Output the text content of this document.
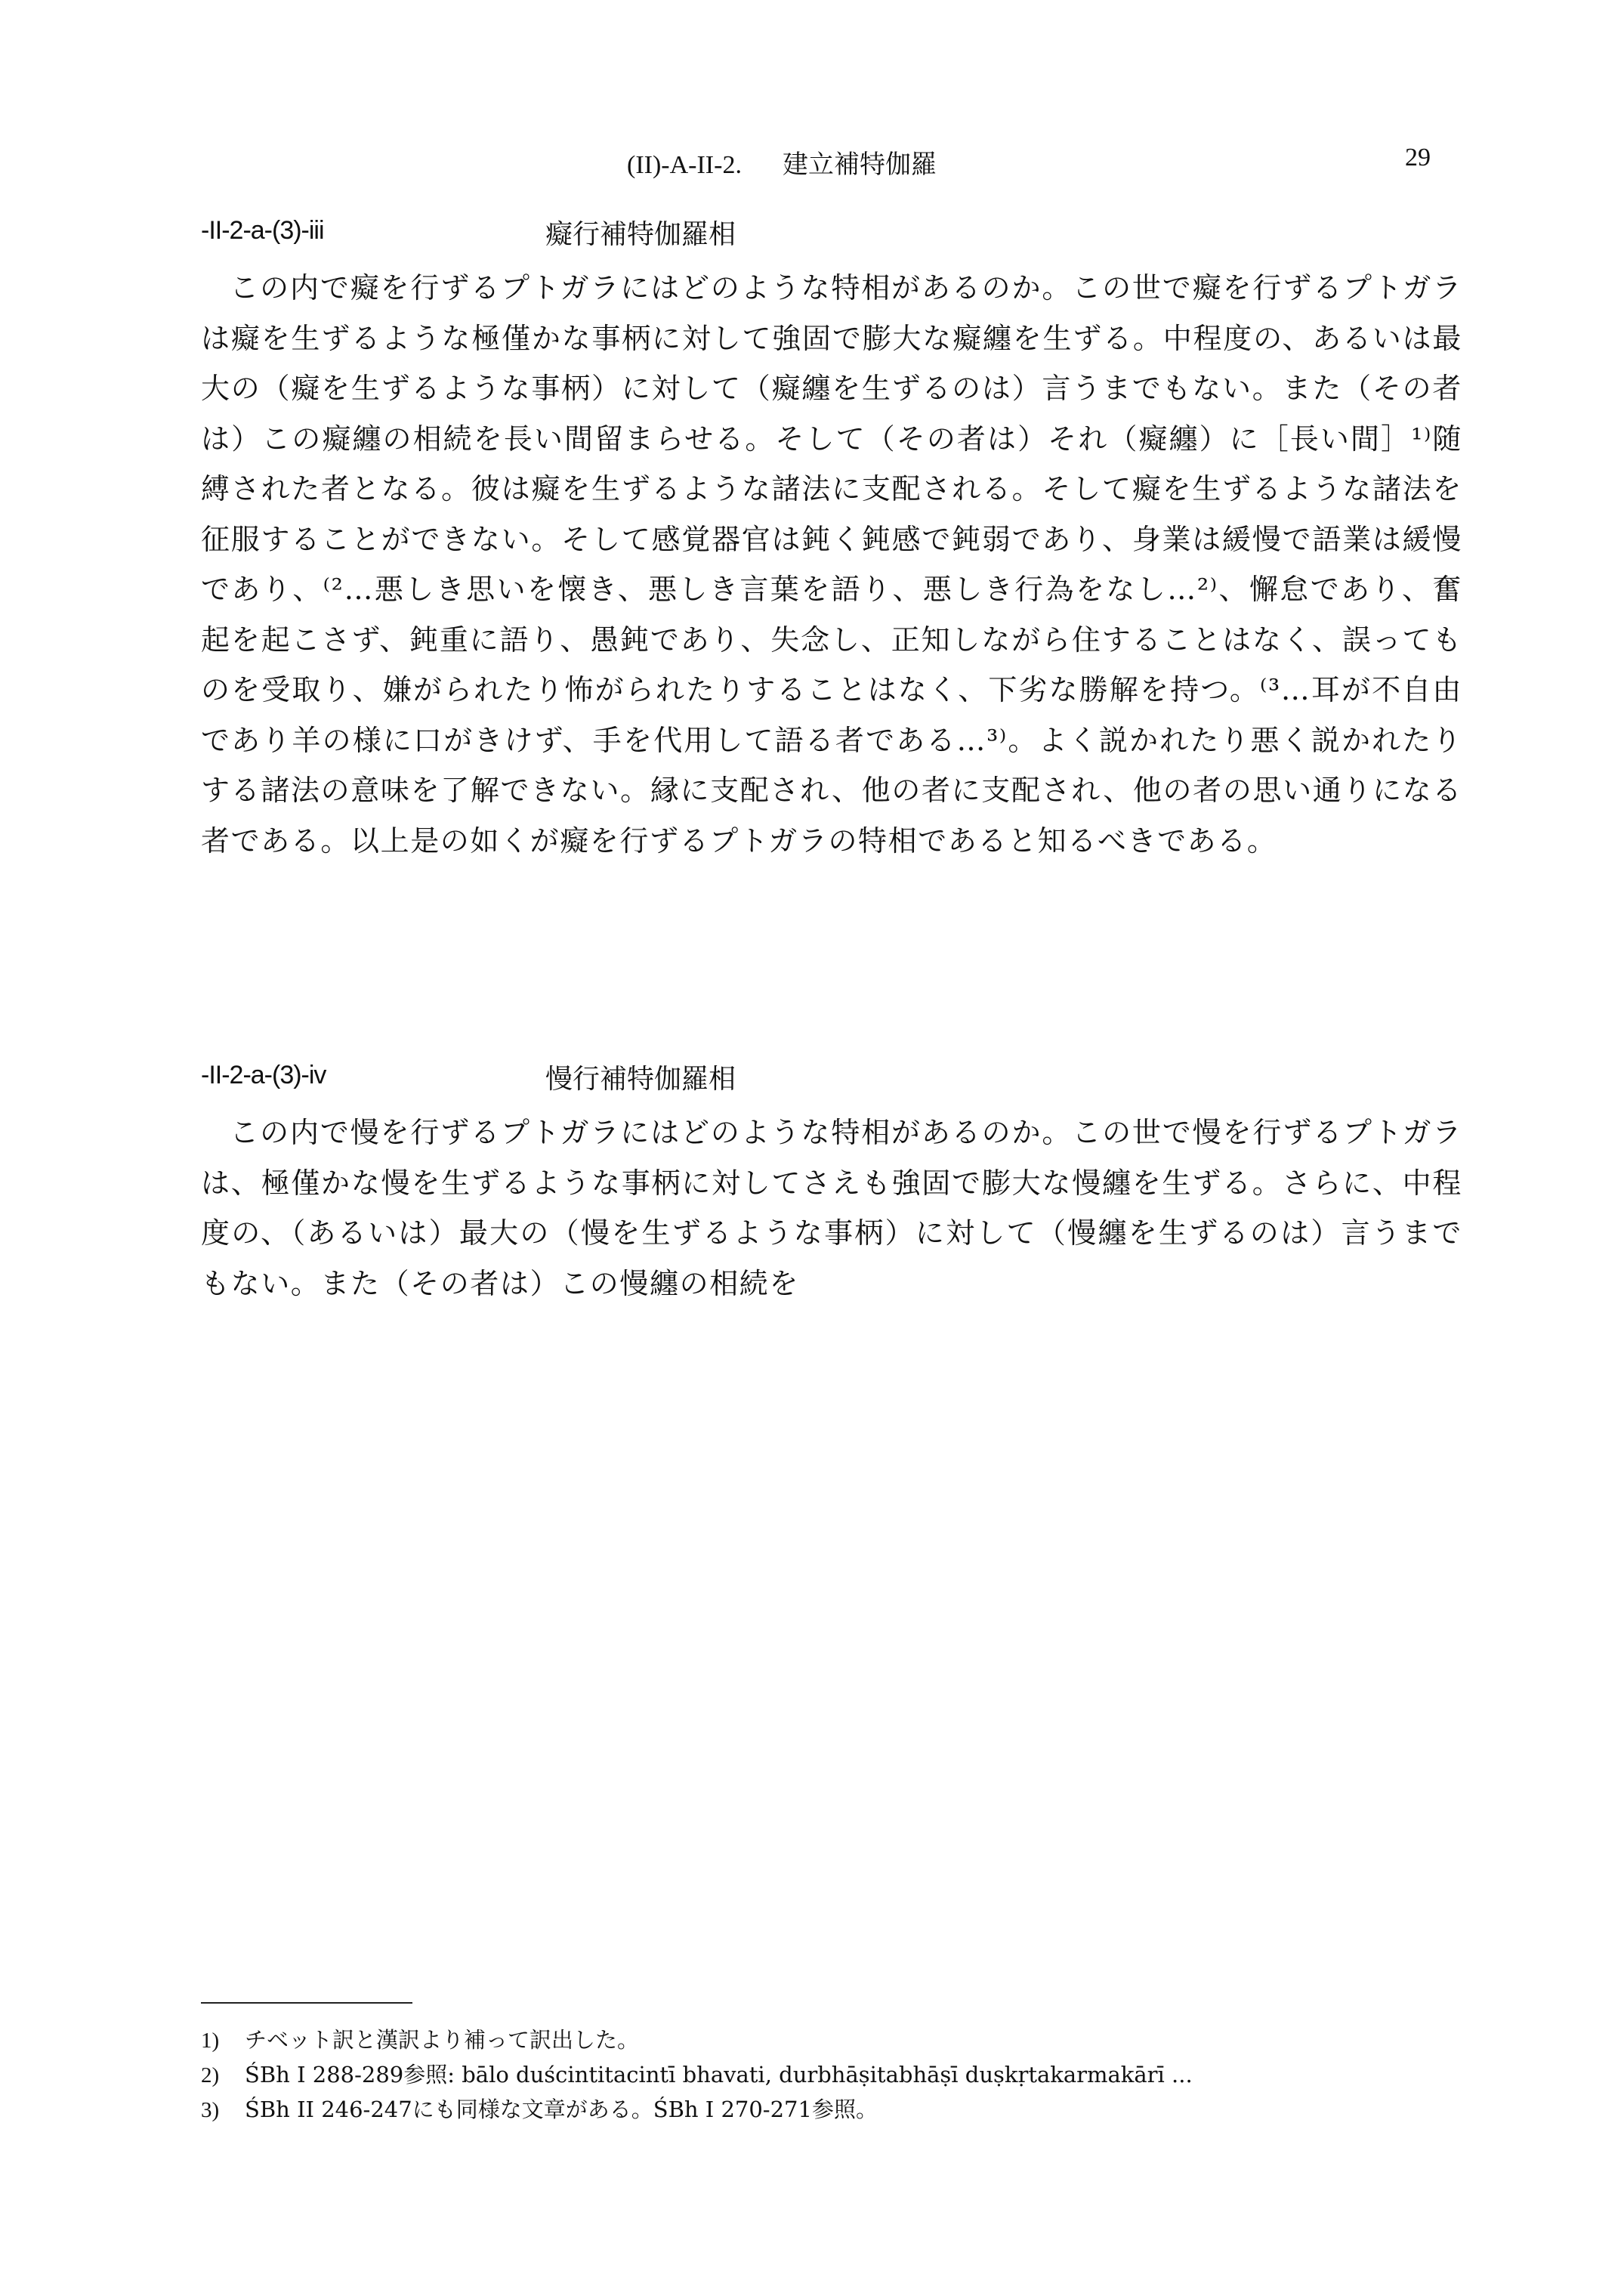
(II)-A-II-2. 建立補特伽羅	29
-II-2-a-(3)-iii	癡行補特伽羅相

この内で癡を行ずるプトガラにはどのような特相があるのか。この世で癡を行ずるプトガラは癡を生ずるような極僅かな事柄に対して強固で膨大な癡纏を生ずる。中程度の、あるいは最大の（癡を生ずるような事柄）に対して（癡纏を生ずるのは）言うまでもない。また（その者は）この癡纏の相続を長い間留まらせる。そして（その者は）それ（癡纏）に［長い間］¹⁾随縛された者となる。彼は癡を生ずるような諸法に支配される。そして癡を生ずるような諸法を征服することができない。そして感覚器官は鈍く鈍感で鈍弱であり、身業は緩慢で語業は緩慢であり、⁽²…悪しき思いを懐き、悪しき言葉を語り、悪しき行為をなし…²⁾、懈怠であり、奮起を起こさず、鈍重に語り、愚鈍であり、失念し、正知しながら住することはなく、誤ってものを受取り、嫌がられたり怖がられたりすることはなく、下劣な勝解を持つ。⁽³…耳が不自由であり羊の様に口がきけず、手を代用して語る者である…³⁾。よく説かれたり悪く説かれたりする諸法の意味を了解できない。縁に支配され、他の者に支配され、他の者の思い通りになる者である。以上是の如くが癡を行ずるプトガラの特相であると知るべきである。

-II-2-a-(3)-iv	慢行補特伽羅相

この内で慢を行ずるプトガラにはどのような特相があるのか。この世で慢を行ずるプトガラは、極僅かな慢を生ずるような事柄に対してさえも強固で膨大な慢纏を生ずる。さらに、中程度の、（あるいは）最大の（慢を生ずるような事柄）に対して（慢纏を生ずるのは）言うまでもない。また（その者は）この慢纏の相続を

1) チベット訳と漢訳より補って訳出した。
2) ŚBh I 288-289参照: bālo duścintitacintī bhavati, durbhāṣitabhāṣī duṣkṛtakarmakārī ...
3) ŚBh II 246-247にも同様な文章がある。ŚBh I 270-271参照。
